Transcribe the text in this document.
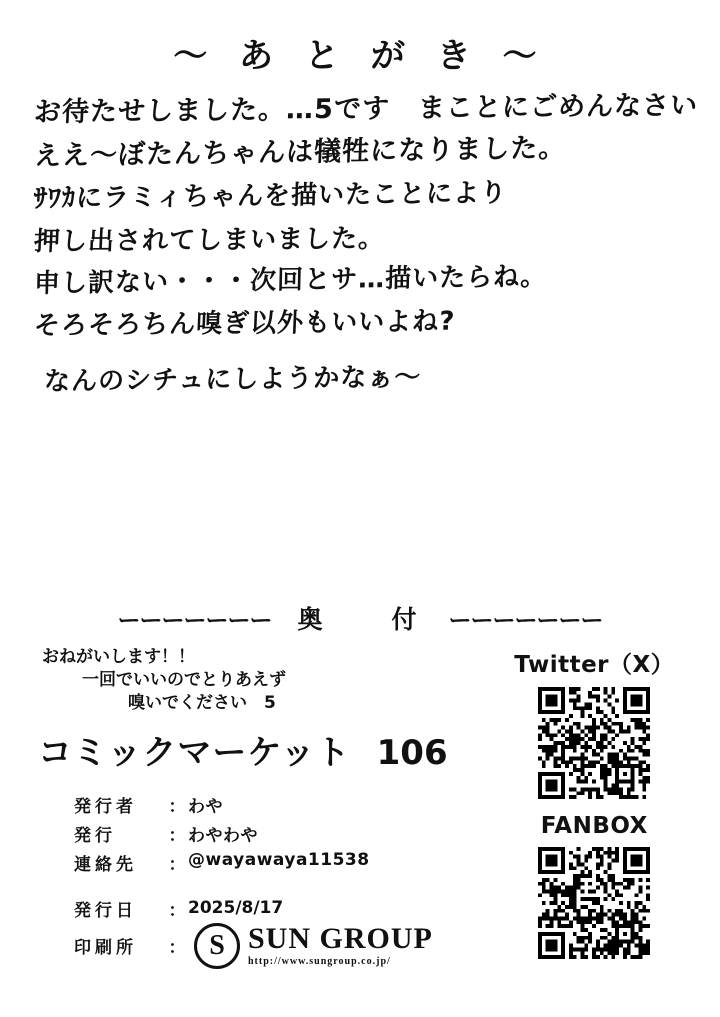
〜 あ と が き 〜
お待たせしました。…5です　まことにごめんなさい
ええ〜ぼたんちゃんは犠牲になりました。
ｻﾜｶにラミィちゃんを描いたことにより
押し出されてしまいました。
申し訳ない・・・次回とサ…描いたらね。
そろそろちん嗅ぎ以外もいいよね?
なんのシチュにしようかなぁ〜
ーーーーーーー	奥　付 ーーーーーーー
おねがいします！！
一回でいいのでとりあえず
嗅いでください　5
コミックマーケット 106
発行者	：	わや
発行	：	わやわや
連絡先	：	@wayawaya11538
発行日	：	2025/8/17
印刷所	：	
SSUN GROUP
http://www.sungroup.co.jp/
Twitter（X）
FANBOX
